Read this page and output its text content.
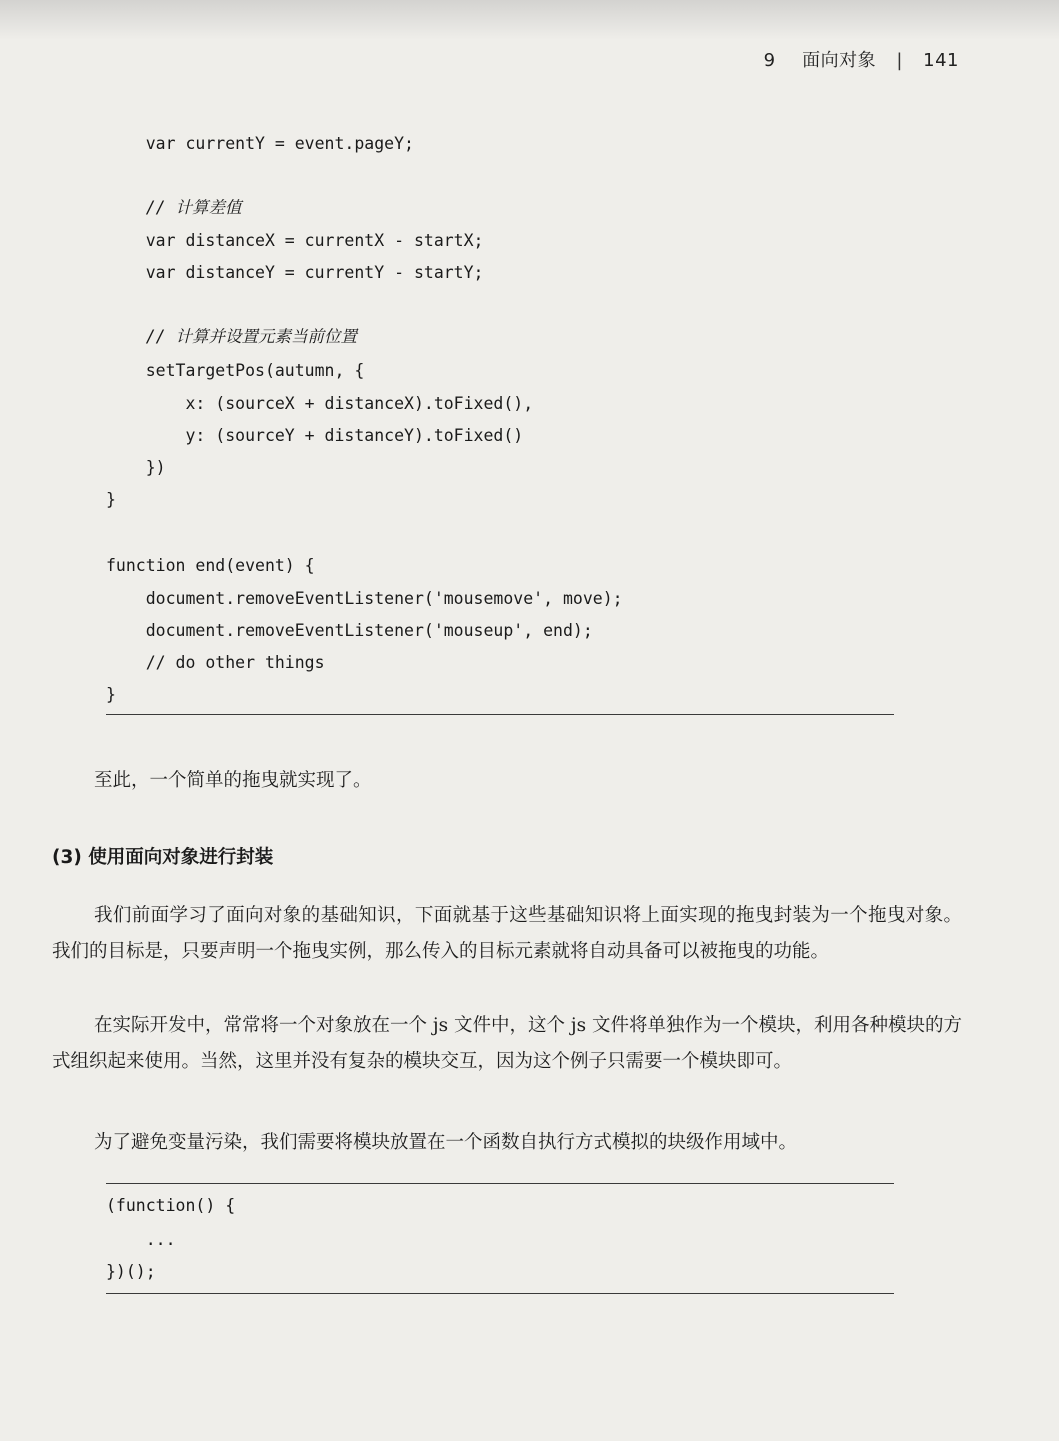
9 面向对象 | 141
var currentY = event.pageY;
// 计算差值
var distanceX = currentX - startX;
var distanceY = currentY - startY;
// 计算并设置元素当前位置
setTargetPos(autumn, {
x: (sourceX + distanceX).toFixed(),
y: (sourceY + distanceY).toFixed()
})
}
function end(event) {
document.removeEventListener('mousemove', move);
document.removeEventListener('mouseup', end);
// do other things
}
至此，一个简单的拖曳就实现了。
(3) 使用面向对象进行封装
我们前面学习了面向对象的基础知识，下面就基于这些基础知识将上面实现的拖曳封装为一个拖曳对象。我们的目标是，只要声明一个拖曳实例，那么传入的目标元素就将自动具备可以被拖曳的功能。
在实际开发中，常常将一个对象放在一个 js 文件中，这个 js 文件将单独作为一个模块，利用各种模块的方式组织起来使用。当然，这里并没有复杂的模块交互，因为这个例子只需要一个模块即可。
为了避免变量污染，我们需要将模块放置在一个函数自执行方式模拟的块级作用域中。
(function() {
...
})();
